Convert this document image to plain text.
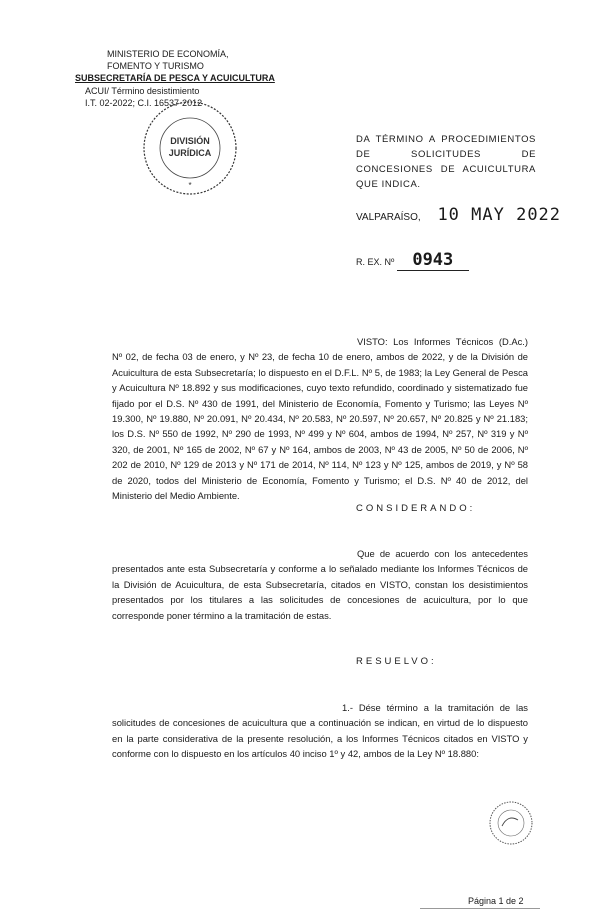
MINISTERIO DE ECONOMÍA,
FOMENTO Y TURISMO
SUBSECRETARÍA DE PESCA Y ACUICULTURA
ACUI/ Término desistimiento
I.T. 02-2022; C.I. 16537-2012
DIVISIÓN
JURÍDICA
*
DA TÉRMINO A PROCEDIMIENTOS DE SOLICITUDES DE CONCESIONES DE ACUICULTURA QUE INDICA.
VALPARAÍSO, 10 MAY 2022
R. EX. Nº 0943
VISTO: Los Informes Técnicos (D.Ac.) Nº 02, de fecha 03 de enero, y Nº 23, de fecha 10 de enero, ambos de 2022, y de la División de Acuicultura de esta Subsecretaría; lo dispuesto en el D.F.L. Nº 5, de 1983; la Ley General de Pesca y Acuicultura Nº 18.892 y sus modificaciones, cuyo texto refundido, coordinado y sistematizado fue fijado por el D.S. Nº 430 de 1991, del Ministerio de Economía, Fomento y Turismo; las Leyes Nº 19.300, Nº 19.880, Nº 20.091, Nº 20.434, Nº 20.583, Nº 20.597, Nº 20.657, Nº 20.825 y Nº 21.183; los D.S. Nº 550 de 1992, Nº 290 de 1993, Nº 499 y Nº 604, ambos de 1994, Nº 257, Nº 319 y Nº 320, de 2001, Nº 165 de 2002, Nº 67 y Nº 164, ambos de 2003, Nº 43 de 2005, Nº 50 de 2006, Nº 202 de 2010, Nº 129 de 2013 y Nº 171 de 2014, Nº 114, Nº 123 y Nº 125, ambos de 2019, y Nº 58 de 2020, todos del Ministerio de Economía, Fomento y Turismo; el D.S. Nº 40 de 2012, del Ministerio del Medio Ambiente.
CONSIDERANDO:
Que de acuerdo con los antecedentes presentados ante esta Subsecretaría y conforme a lo señalado mediante los Informes Técnicos de la División de Acuicultura, de esta Subsecretaría, citados en VISTO, constan los desistimientos presentados por los titulares a las solicitudes de concesiones de acuicultura, por lo que corresponde poner término a la tramitación de estas.
RESUELVO:
1.- Dése término a la tramitación de las solicitudes de concesiones de acuicultura que a continuación se indican, en virtud de lo dispuesto en la parte considerativa de la presente resolución, a los Informes Técnicos citados en VISTO y conforme con lo dispuesto en los artículos 40 inciso 1º y 42, ambos de la Ley Nº 18.880:
Página 1 de 2
